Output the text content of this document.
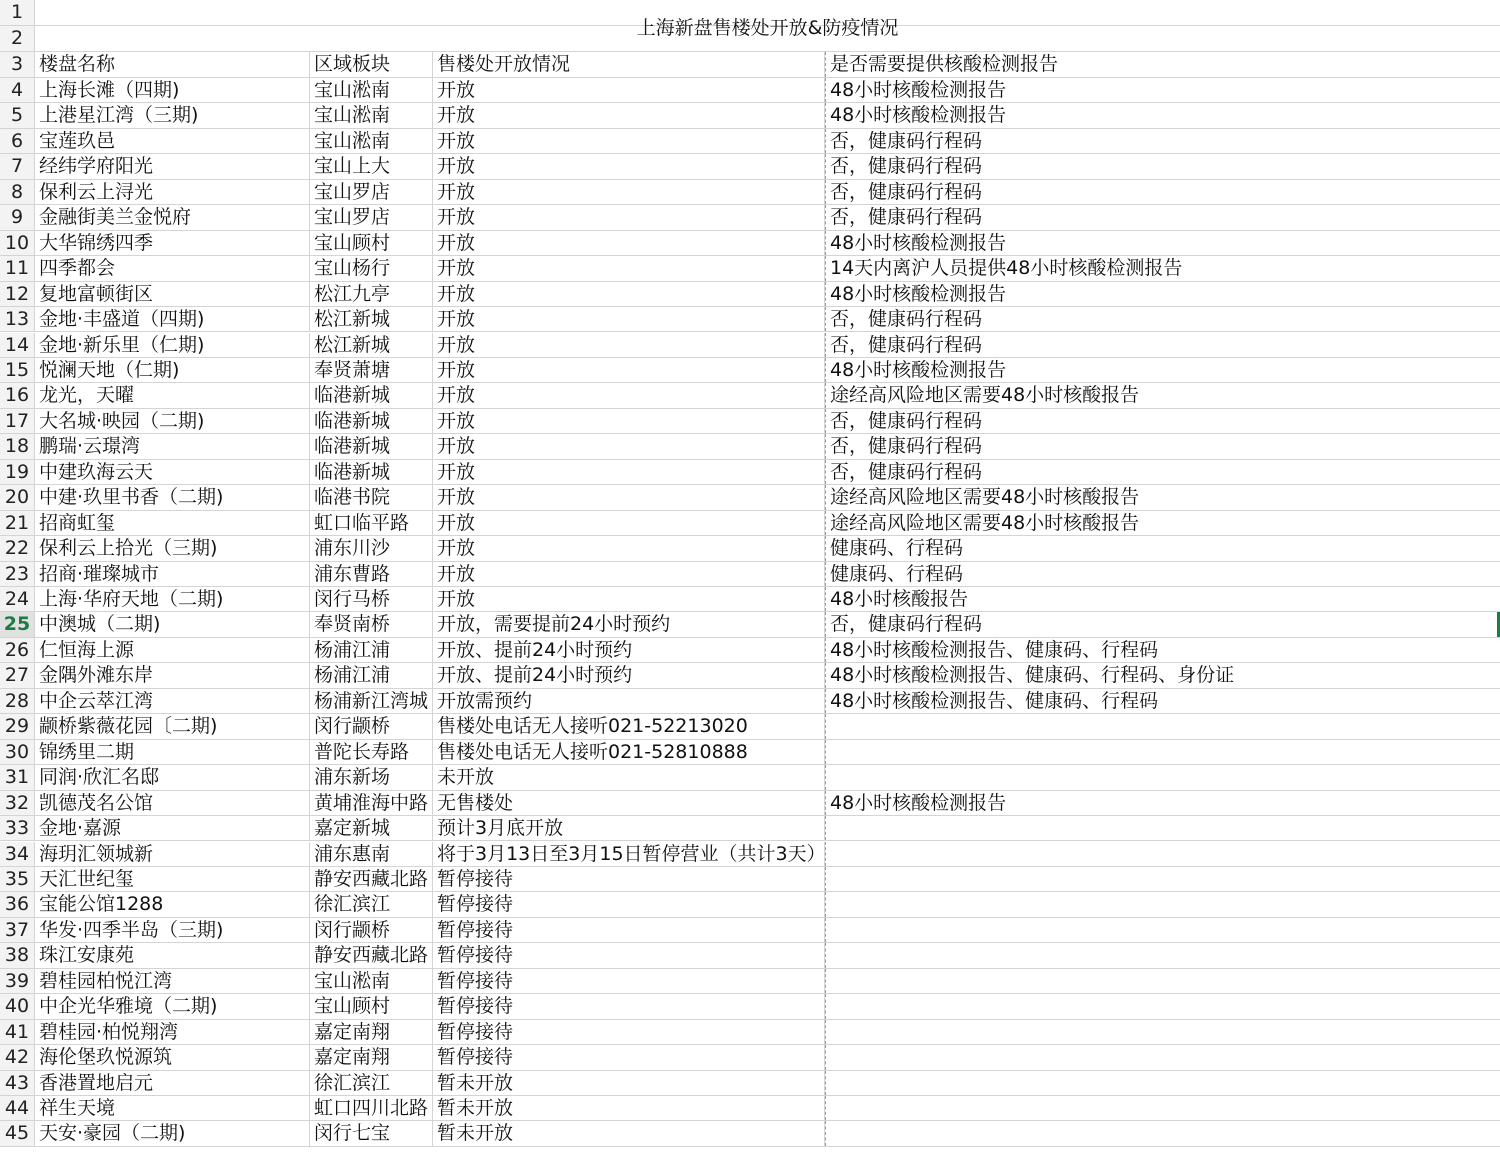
1
2	上海新盘售楼处开放&防疫情况
3 楼盘名称	区域板块	售楼处开放情况	是否需要提供核酸检测报告
4 上海长滩（四期)	宝山淞南	开放	48小时核酸检测报告
5 上港星江湾（三期)	宝山淞南	开放	48小时核酸检测报告
6 宝莲玖邑	宝山淞南	开放	否，健康码行程码
7 经纬学府阳光	宝山上大	开放	否，健康码行程码
8 保利云上浔光	宝山罗店	开放	否，健康码行程码
9 金融街美兰金悦府	宝山罗店	开放	否，健康码行程码
10 大华锦绣四季	宝山顾村	开放	48小时核酸检测报告
11 四季都会	宝山杨行	开放	14天内离沪人员提供48小时核酸检测报告
12 复地富顿街区	松江九亭	开放	48小时核酸检测报告
13 金地·丰盛道（四期)	松江新城	开放	否，健康码行程码
14 金地·新乐里（仁期)	松江新城	开放	否，健康码行程码
15 悦澜天地（仁期)	奉贤萧塘	开放	48小时核酸检测报告
16 龙光，天曜	临港新城	开放	途经高风险地区需要48小时核酸报告
17 大名城·映园（二期)	临港新城	开放	否，健康码行程码
18 鹏瑞·云璟湾	临港新城	开放	否，健康码行程码
19 中建玖海云天	临港新城	开放	否，健康码行程码
20 中建·玖里书香（二期)	临港书院	开放	途经高风险地区需要48小时核酸报告
21 招商虹玺	虹口临平路	开放	途经高风险地区需要48小时核酸报告
22 保利云上拾光（三期)	浦东川沙	开放	健康码、行程码
23 招商·璀璨城市	浦东曹路	开放	健康码、行程码
24 上海·华府天地（二期)	闵行马桥	开放	48小时核酸报告
25 中澳城（二期)	奉贤南桥	开放，需要提前24小时预约	否，健康码行程码
26 仁恒海上源	杨浦江浦	开放、提前24小时预约	48小时核酸检测报告、健康码、行程码
27 金隅外滩东岸	杨浦江浦	开放、提前24小时预约	48小时核酸检测报告、健康码、行程码、身份证
28 中企云萃江湾	杨浦新江湾城 开放需预约	48小时核酸检测报告、健康码、行程码
29 颛桥紫薇花园〔二期)	闵行颛桥	售楼处电话无人接听021-52213020
30 锦绣里二期	普陀长寿路	售楼处电话无人接听021-52810888
31 同润·欣汇名邸	浦东新场	未开放
32 凯德茂名公馆	黄埔淮海中路 无售楼处	48小时核酸检测报告
33 金地·嘉源	嘉定新城	预计3月底开放
34 海玥汇领城新	浦东惠南	将于3月13日至3月15日暂停营业（共计3天）
35 天汇世纪玺	静安西藏北路 暂停接待
36 宝能公馆1288	徐汇滨江	暂停接待
37 华发·四季半岛（三期)	闵行颛桥	暂停接待
38 珠江安康苑	静安西藏北路 暂停接待
39 碧桂园柏悦江湾	宝山淞南	暂停接待
40 中企光华雅境（二期)	宝山顾村	暂停接待
41 碧桂园·柏悦翔湾	嘉定南翔	暂停接待
42 海伦堡玖悦源筑	嘉定南翔	暂停接待
43 香港置地启元	徐汇滨江	暂未开放
44 祥生天境	虹口四川北路 暂未开放
45 天安·豪园（二期)	闵行七宝	暂未开放
